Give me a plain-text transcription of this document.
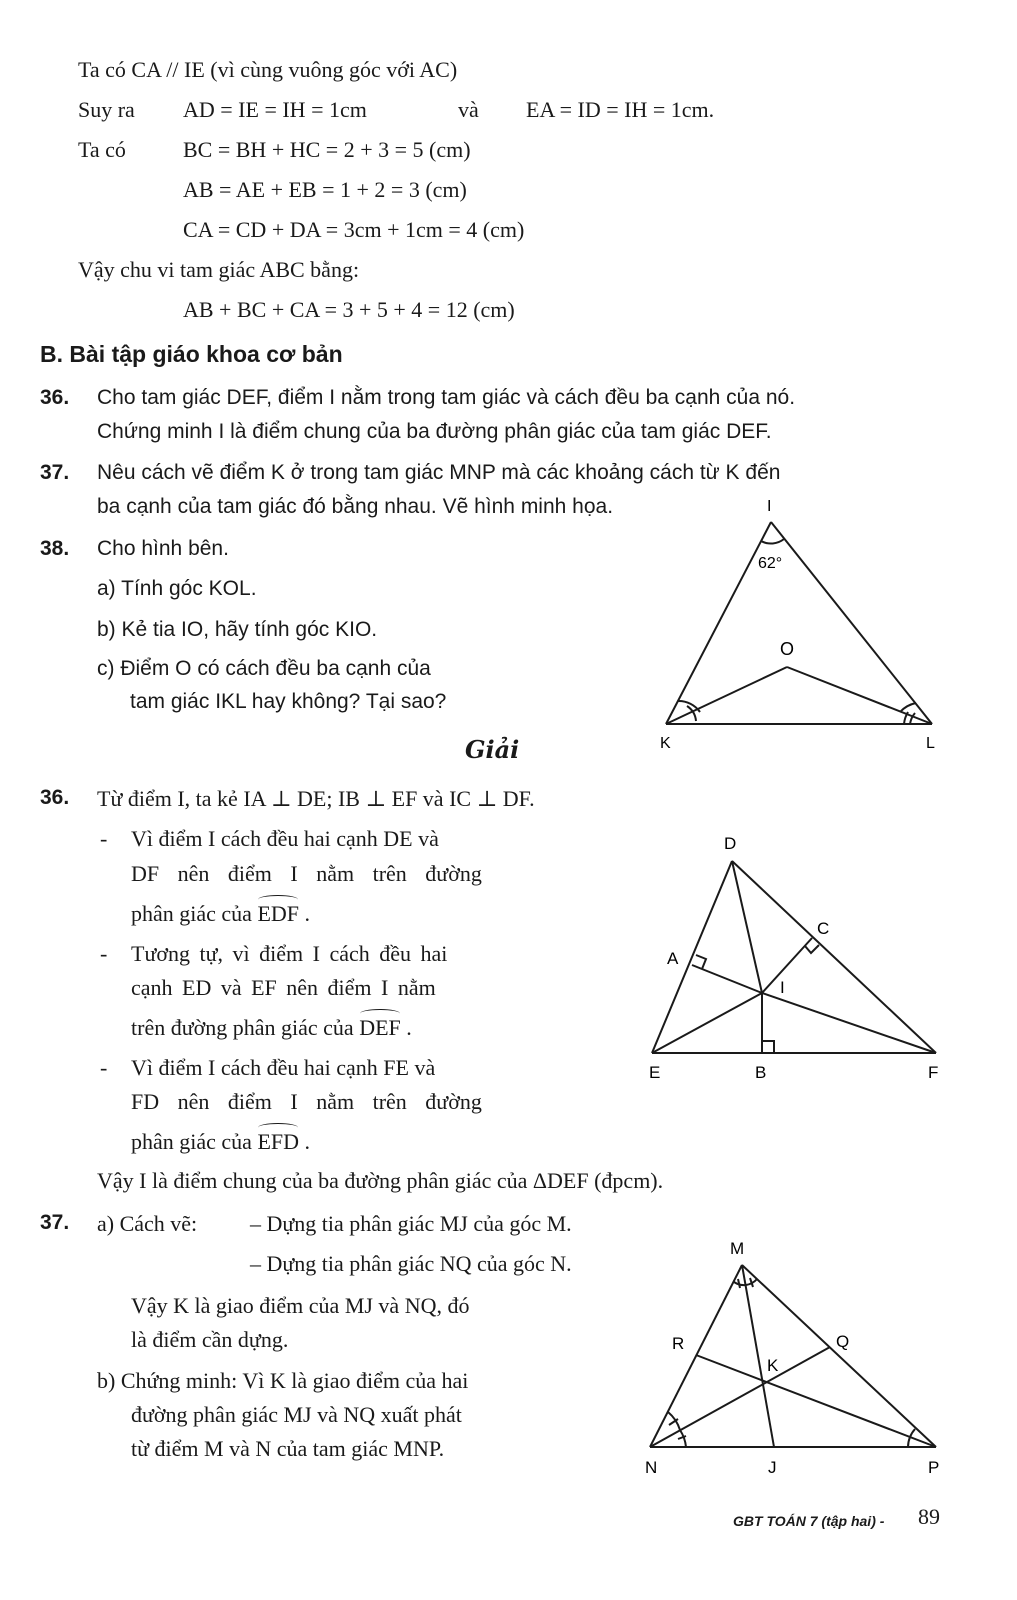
Ta có CA // IE (vì cùng vuông góc với AC)
Suy ra AD = IE = IH = 1cm	và EA = ID = IH = 1cm.
Ta có	BC = BH + HC = 2 + 3 = 5 (cm)
AB = AE + EB = 1 + 2 = 3 (cm)
CA = CD + DA = 3cm + 1cm = 4 (cm)
Vậy chu vi tam giác ABC bằng:
AB + BC + CA = 3 + 5 + 4 = 12 (cm)
B. Bài tập giáo khoa cơ bản
36. Cho tam giác DEF, điểm I nằm trong tam giác và cách đều ba cạnh của nó.
Chứng minh I là điểm chung của ba đường phân giác của tam giác DEF.
37. Nêu cách vẽ điểm K ở trong tam giác MNP mà các khoảng cách từ K đến
ba cạnh của tam giác đó bằng nhau. Vẽ hình minh họa.
38. Cho hình bên.
a) Tính góc KOL.
b) Kẻ tia IO, hãy tính góc KIO.
c) Điểm O có cách đều ba cạnh của
tam giác IKL hay không? Tại sao?
I
62°
O
K	L
Giải
36. Từ điểm I, ta kẻ IA ⊥ DE; IB ⊥ EF và IC ⊥ DF.
- Vì điểm I cách đều hai cạnh DE và
DF nên điểm I nằm trên đường
phân giác của EDF .
- Tương tự, vì điểm I cách đều hai
cạnh ED và EF nên điểm I nằm
trên đường phân giác của DEF .
- Vì điểm I cách đều hai cạnh FE và
FD nên điểm I nằm trên đường
phân giác của EFD .
Vậy I là điểm chung của ba đường phân giác của ΔDEF (đpcm).
D
A
C
I
E	B	F
37. a) Cách vẽ: – Dựng tia phân giác MJ của góc M.
– Dựng tia phân giác NQ của góc N.
Vậy K là giao điểm của MJ và NQ, đó
là điểm cần dựng.
b) Chứng minh: Vì K là giao điểm của hai
đường phân giác MJ và NQ xuất phát
từ điểm M và N của tam giác MNP.
M
R	Q
K
N	J	P
GBT TOÁN 7 (tập hai) - 89
